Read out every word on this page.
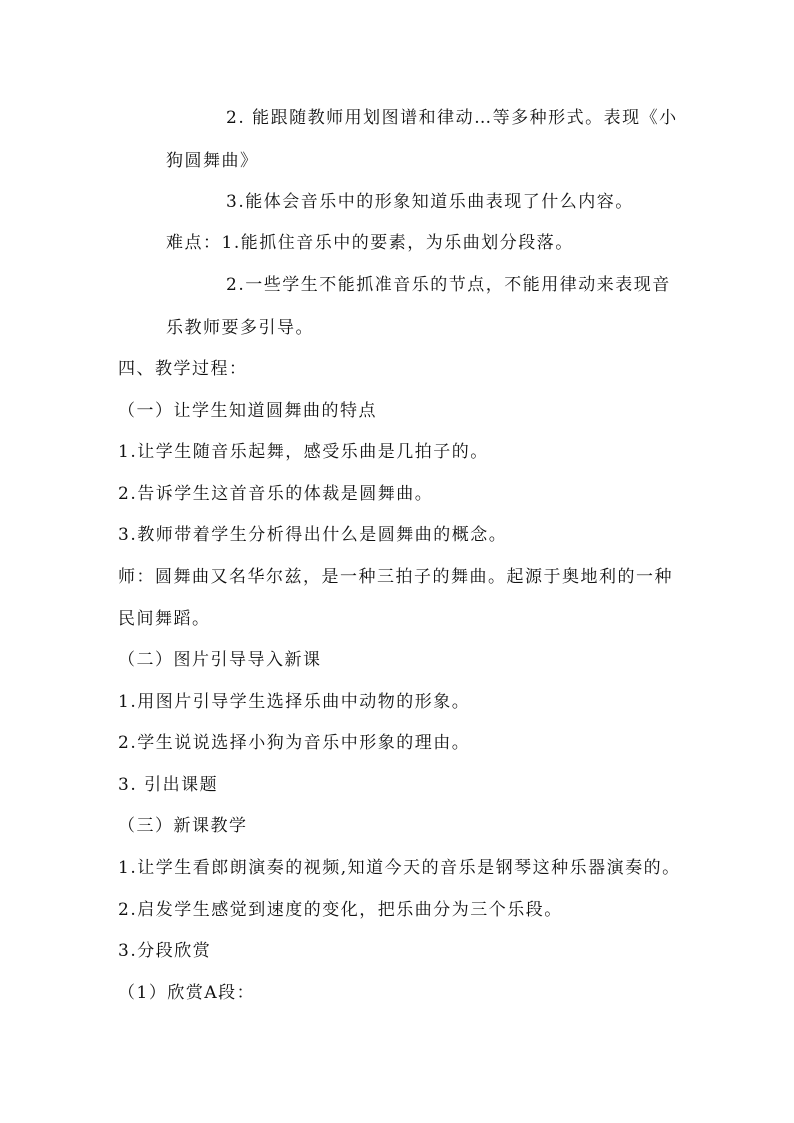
2. 能跟随教师用划图谱和律动…等多种形式。表现《小
狗圆舞曲》
3.能体会音乐中的形象知道乐曲表现了什么内容。
难点：1.能抓住音乐中的要素，为乐曲划分段落。
2.一些学生不能抓准音乐的节点，不能用律动来表现音
乐教师要多引导。
四、教学过程：
（一）让学生知道圆舞曲的特点
1.让学生随音乐起舞，感受乐曲是几拍子的。
2.告诉学生这首音乐的体裁是圆舞曲。
3.教师带着学生分析得出什么是圆舞曲的概念。
师：圆舞曲又名华尔兹，是一种三拍子的舞曲。起源于奥地利的一种
民间舞蹈。
（二）图片引导导入新课
1.用图片引导学生选择乐曲中动物的形象。
2.学生说说选择小狗为音乐中形象的理由。
3. 引出课题
（三）新课教学
1.让学生看郎朗演奏的视频,知道今天的音乐是钢琴这种乐器演奏的。
2.启发学生感觉到速度的变化，把乐曲分为三个乐段。
3.分段欣赏
（1）欣赏A段：
